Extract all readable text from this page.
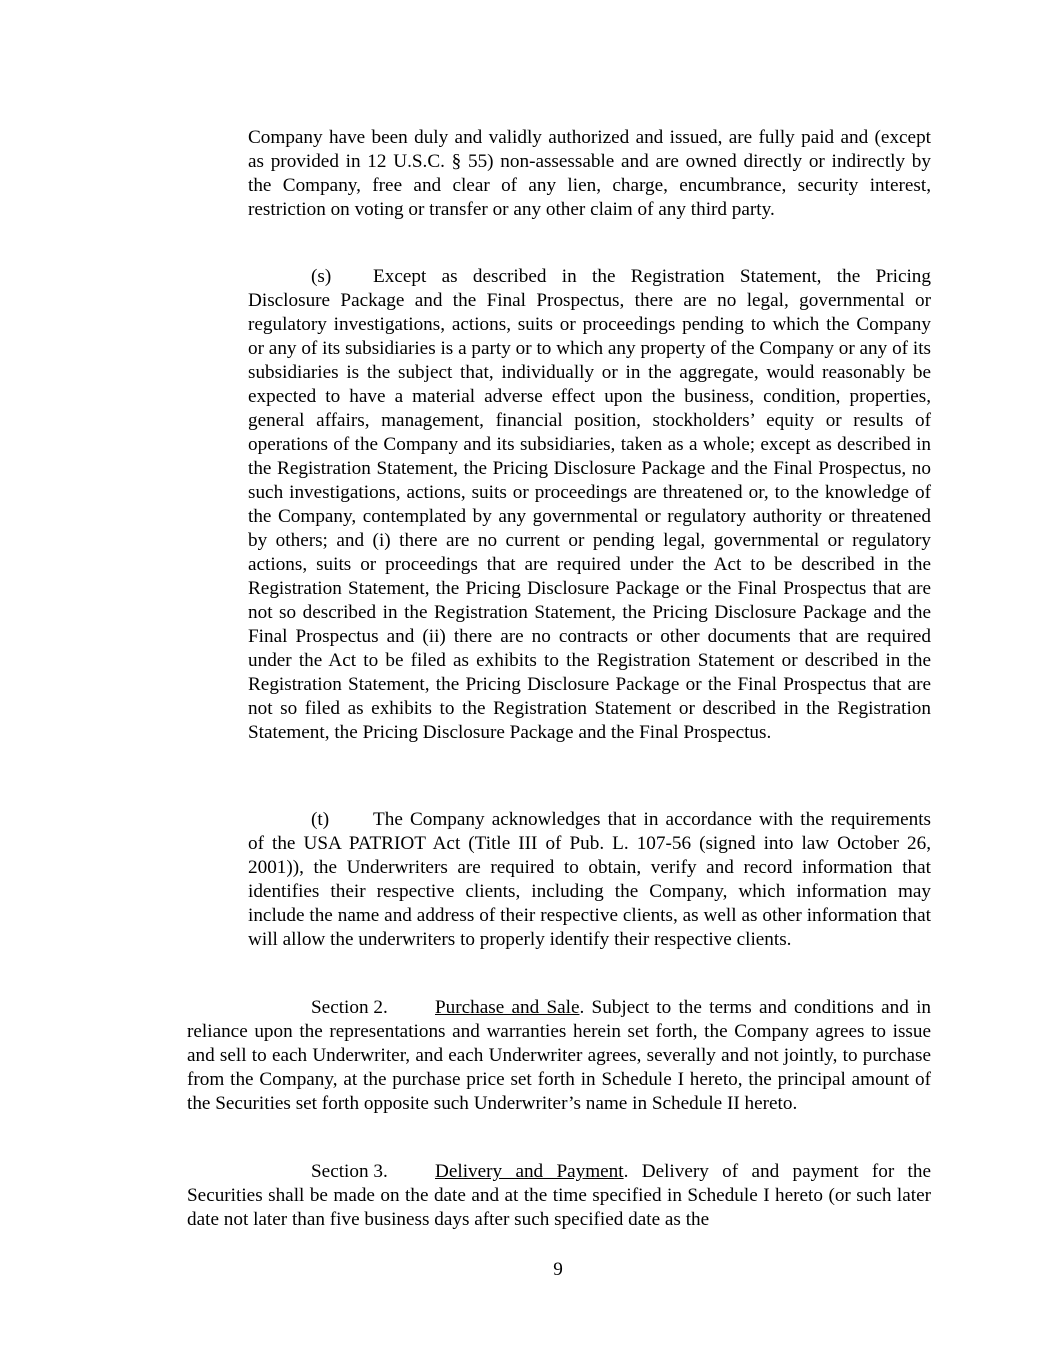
Company have been duly and validly authorized and issued, are fully paid and (except as provided in 12 U.S.C. § 55) non-assessable and are owned directly or indirectly by the Company, free and clear of any lien, charge, encumbrance, security interest, restriction on voting or transfer or any other claim of any third party.

(s) Except as described in the Registration Statement, the Pricing Disclosure Package and the Final Prospectus, there are no legal, governmental or regulatory investigations, actions, suits or proceedings pending to which the Company or any of its subsidiaries is a party or to which any property of the Company or any of its subsidiaries is the subject that, individually or in the aggregate, would reasonably be expected to have a material adverse effect upon the business, condition, properties, general affairs, management, financial position, stockholders’ equity or results of operations of the Company and its subsidiaries, taken as a whole; except as described in the Registration Statement, the Pricing Disclosure Package and the Final Prospectus, no such investigations, actions, suits or proceedings are threatened or, to the knowledge of the Company, contemplated by any governmental or regulatory authority or threatened by others; and (i) there are no current or pending legal, governmental or regulatory actions, suits or proceedings that are required under the Act to be described in the Registration Statement, the Pricing Disclosure Package or the Final Prospectus that are not so described in the Registration Statement, the Pricing Disclosure Package and the Final Prospectus and (ii) there are no contracts or other documents that are required under the Act to be filed as exhibits to the Registration Statement or described in the Registration Statement, the Pricing Disclosure Package or the Final Prospectus that are not so filed as exhibits to the Registration Statement or described in the Registration Statement, the Pricing Disclosure Package and the Final Prospectus.

(t) The Company acknowledges that in accordance with the requirements of the USA PATRIOT Act (Title III of Pub. L. 107-56 (signed into law October 26, 2001)), the Underwriters are required to obtain, verify and record information that identifies their respective clients, including the Company, which information may include the name and address of their respective clients, as well as other information that will allow the underwriters to properly identify their respective clients.

Section 2. Purchase and Sale. Subject to the terms and conditions and in reliance upon the representations and warranties herein set forth, the Company agrees to issue and sell to each Underwriter, and each Underwriter agrees, severally and not jointly, to purchase from the Company, at the purchase price set forth in Schedule I hereto, the principal amount of the Securities set forth opposite such Underwriter’s name in Schedule II hereto.

Section 3. Delivery and Payment. Delivery of and payment for the Securities shall be made on the date and at the time specified in Schedule I hereto (or such later date not later than five business days after such specified date as the

9
